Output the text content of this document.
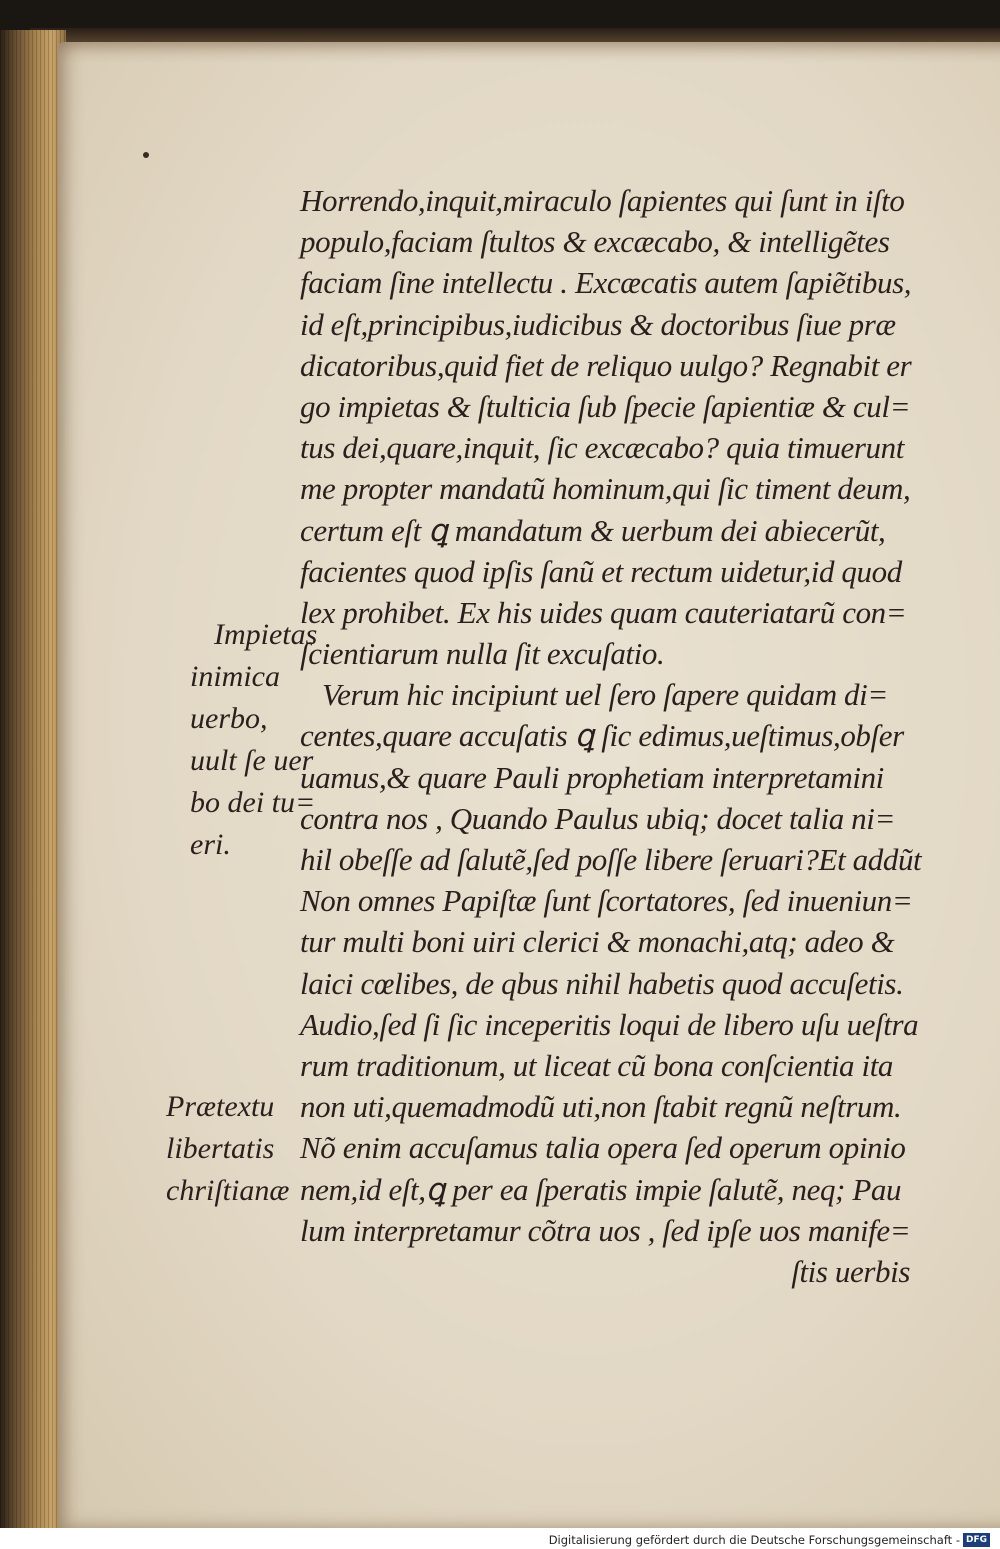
Horrendo,inquit,miraculo ſapientes qui ſunt in iſto
populo,faciam ſtultos & excæcabo, & intelligẽtes
faciam ſine intellectu . Excæcatis autem ſapiẽtibus,
id eſt,principibus,iudicibus & doctoribus ſiue præ
dicatoribus,quid fiet de reliquo uulgo? Regnabit er
go impietas & ſtulticia ſub ſpecie ſapientiæ & cul=
tus dei,quare,inquit, ſic excæcabo? quia timuerunt
me propter mandatũ hominum,qui ſic timent deum,
certum eſt ꝗ mandatum & uerbum dei abiecerũt,
facientes quod ipſis ſanũ et rectum uidetur,id quod
lex prohibet. Ex his uides quam cauteriatarũ con=
ſcientiarum nulla ſit excuſatio.
Verum hic incipiunt uel ſero ſapere quidam di=
centes,quare accuſatis ꝗ ſic edimus,ueſtimus,obſer
uamus,& quare Pauli prophetiam interpretamini
contra nos , Quando Paulus ubiq; docet talia ni=
hil obeſſe ad ſalutẽ,ſed poſſe libere ſeruari?Et addũt
Non omnes Papiſtæ ſunt ſcortatores, ſed inueniun=
tur multi boni uiri clerici & monachi,atq; adeo &
laici cœlibes, de qbus nihil habetis quod accuſetis.
Audio,ſed ſi ſic inceperitis loqui de libero uſu ueſtra
rum traditionum, ut liceat cũ bona conſcientia ita
non uti,quemadmodũ uti,non ſtabit regnũ neſtrum.
Nõ enim accuſamus talia opera ſed operum opinio
nem,id eſt,ꝗ per ea ſperatis impie ſalutẽ, neq; Pau
lum interpretamur cõtra uos , ſed ipſe uos manife=
ſtis uerbis
Impietas
inimica
uerbo,
uult ſe uer
bo dei tu=
eri.
Prætextu
libertatis
chriſtianæ
Digitalisierung gefördert durch die Deutsche Forschungsgemeinschaft - DFG
